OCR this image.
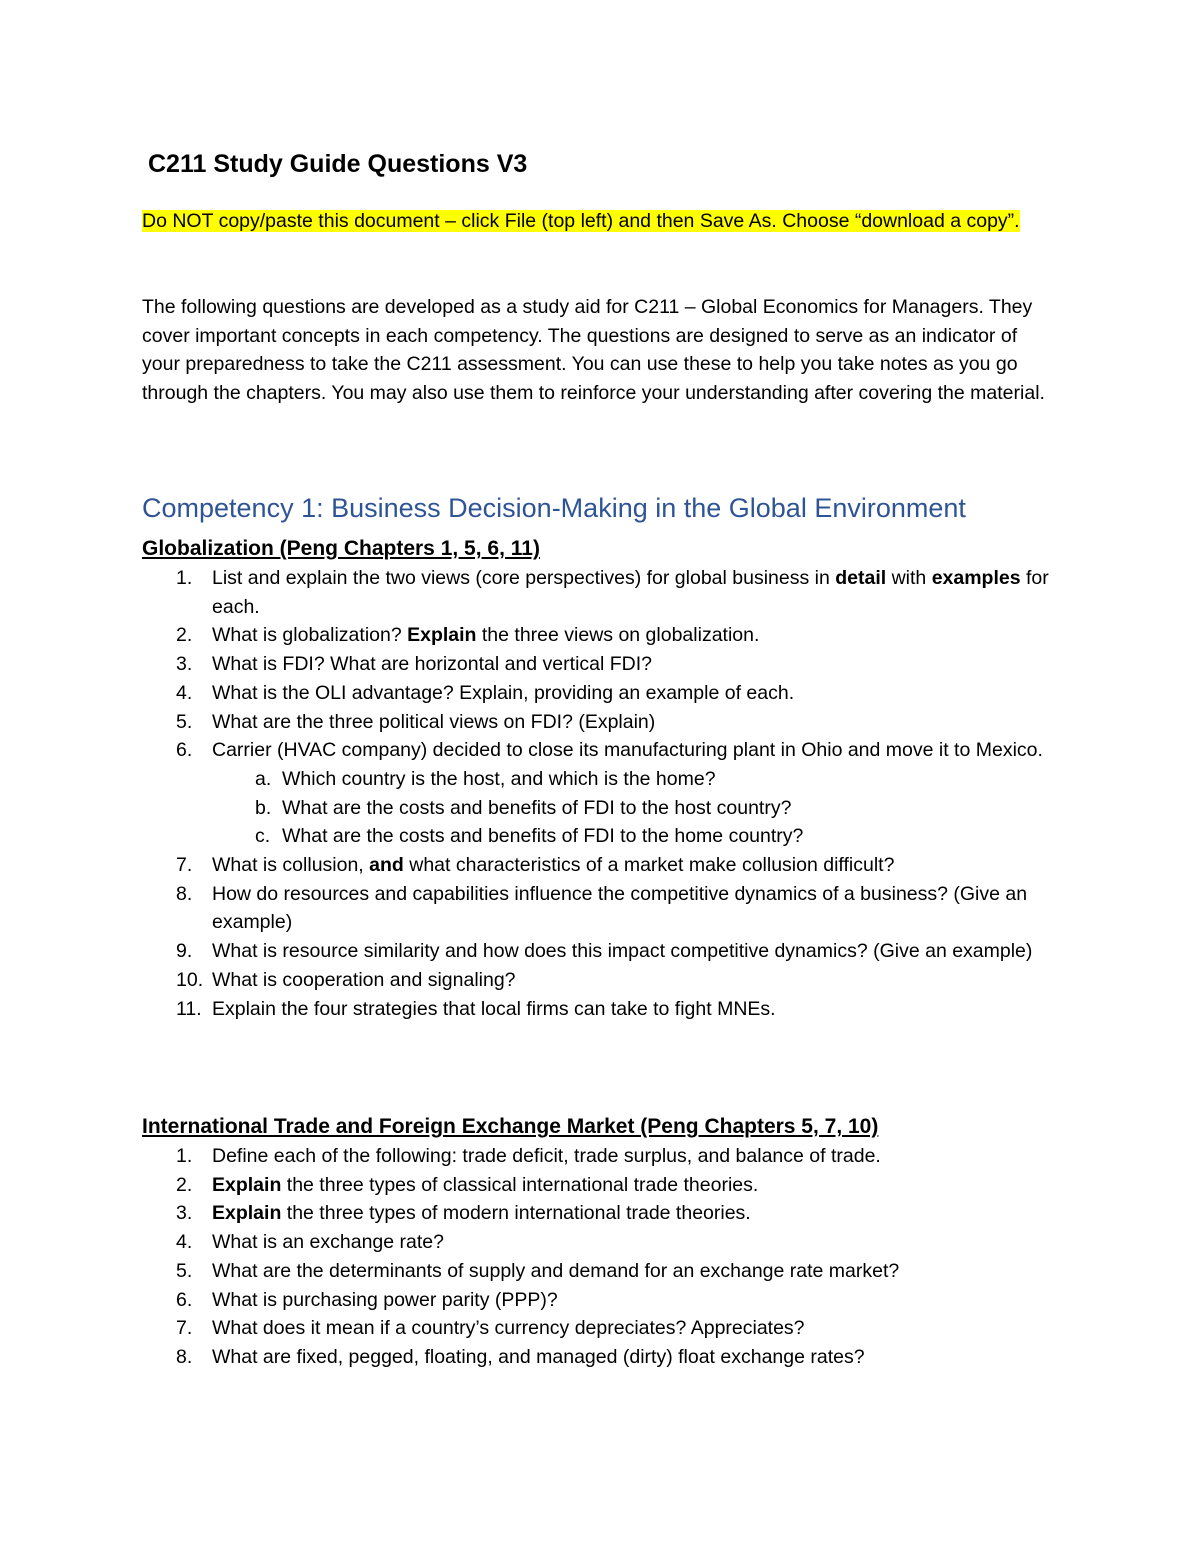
C211 Study Guide Questions V3

Do NOT copy/paste this document – click File (top left) and then Save As. Choose “download a copy”.

The following questions are developed as a study aid for C211 – Global Economics for Managers. They cover important concepts in each competency. The questions are designed to serve as an indicator of your preparedness to take the C211 assessment. You can use these to help you take notes as you go through the chapters. You may also use them to reinforce your understanding after covering the material.

Competency 1: Business Decision-Making in the Global Environment
Globalization (Peng Chapters 1, 5, 6, 11)
1. List and explain the two views (core perspectives) for global business in detail with examples for each.
2. What is globalization? Explain the three views on globalization.
3. What is FDI? What are horizontal and vertical FDI?
4. What is the OLI advantage? Explain, providing an example of each.
5. What are the three political views on FDI? (Explain)
6. Carrier (HVAC company) decided to close its manufacturing plant in Ohio and move it to Mexico.
a. Which country is the host, and which is the home?
b. What are the costs and benefits of FDI to the host country?
c. What are the costs and benefits of FDI to the home country?
7. What is collusion, and what characteristics of a market make collusion difficult?
8. How do resources and capabilities influence the competitive dynamics of a business? (Give an example)
9. What is resource similarity and how does this impact competitive dynamics? (Give an example)
10. What is cooperation and signaling?
11. Explain the four strategies that local firms can take to fight MNEs.
International Trade and Foreign Exchange Market (Peng Chapters 5, 7, 10)
1. Define each of the following: trade deficit, trade surplus, and balance of trade.
2. Explain the three types of classical international trade theories.
3. Explain the three types of modern international trade theories.
4. What is an exchange rate?
5. What are the determinants of supply and demand for an exchange rate market?
6. What is purchasing power parity (PPP)?
7. What does it mean if a country’s currency depreciates? Appreciates?
8. What are fixed, pegged, floating, and managed (dirty) float exchange rates?
